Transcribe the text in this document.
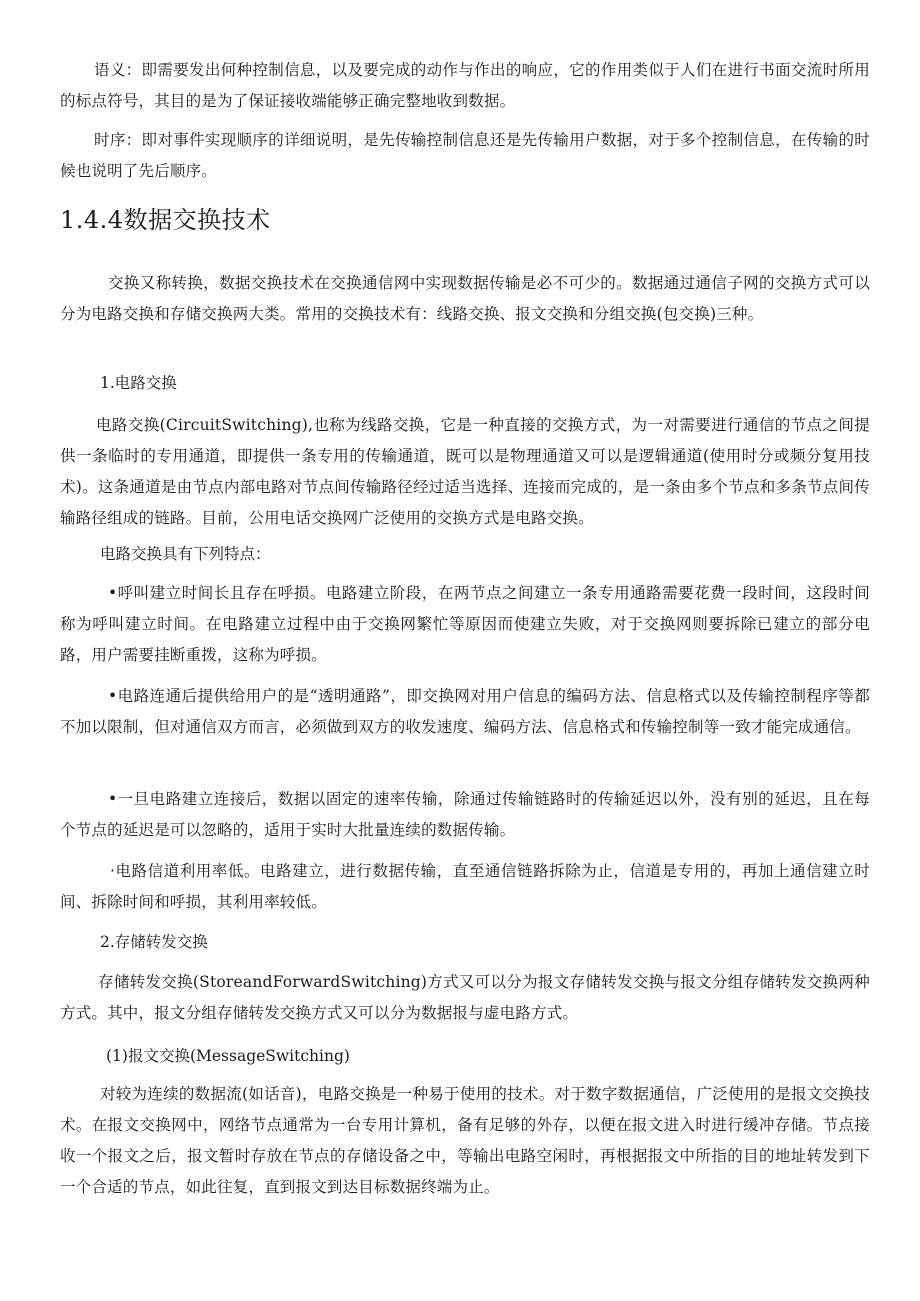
语义：即需要发出何种控制信息，以及要完成的动作与作出的响应，它的作用类似于人们在进行书面交流时所用的标点符号，其目的是为了保证接收端能够正确完整地收到数据。

时序：即对事件实现顺序的详细说明，是先传输控制信息还是先传输用户数据，对于多个控制信息，在传输的时候也说明了先后顺序。

1.4.4数据交换技术

交换又称转换，数据交换技术在交换通信网中实现数据传输是必不可少的。数据通过通信子网的交换方式可以分为电路交换和存储交换两大类。常用的交换技术有：线路交换、报文交换和分组交换(包交换)三种。

1.电路交换

电路交换(CircuitSwitching),也称为线路交换，它是一种直接的交换方式，为一对需要进行通信的节点之间提供一条临时的专用通道，即提供一条专用的传输通道，既可以是物理通道又可以是逻辑通道(使用时分或频分复用技术)。这条通道是由节点内部电路对节点间传输路径经过适当选择、连接而完成的，是一条由多个节点和多条节点间传输路径组成的链路。目前，公用电话交换网广泛使用的交换方式是电路交换。

电路交换具有下列特点：

•呼叫建立时间长且存在呼损。电路建立阶段，在两节点之间建立一条专用通路需要花费一段时间，这段时间称为呼叫建立时间。在电路建立过程中由于交换网繁忙等原因而使建立失败，对于交换网则要拆除已建立的部分电路，用户需要挂断重拨，这称为呼损。

•电路连通后提供给用户的是“透明通路”，即交换网对用户信息的编码方法、信息格式以及传输控制程序等都不加以限制，但对通信双方而言，必须做到双方的收发速度、编码方法、信息格式和传输控制等一致才能完成通信。

•一旦电路建立连接后，数据以固定的速率传输，除通过传输链路时的传输延迟以外，没有别的延迟，且在每个节点的延迟是可以忽略的，适用于实时大批量连续的数据传输。

·电路信道利用率低。电路建立，进行数据传输，直至通信链路拆除为止，信道是专用的，再加上通信建立时间、拆除时间和呼损，其利用率较低。

2.存储转发交换

存储转发交换(StoreandForwardSwitching)方式又可以分为报文存储转发交换与报文分组存储转发交换两种方式。其中，报文分组存储转发交换方式又可以分为数据报与虚电路方式。

(1)报文交换(MessageSwitching)

对较为连续的数据流(如话音)，电路交换是一种易于使用的技术。对于数字数据通信，广泛使用的是报文交换技术。在报文交换网中，网络节点通常为一台专用计算机，备有足够的外存，以便在报文进入时进行缓冲存储。节点接收一个报文之后，报文暂时存放在节点的存储设备之中，等输出电路空闲时，再根据报文中所指的目的地址转发到下一个合适的节点，如此往复，直到报文到达目标数据终端为止。
